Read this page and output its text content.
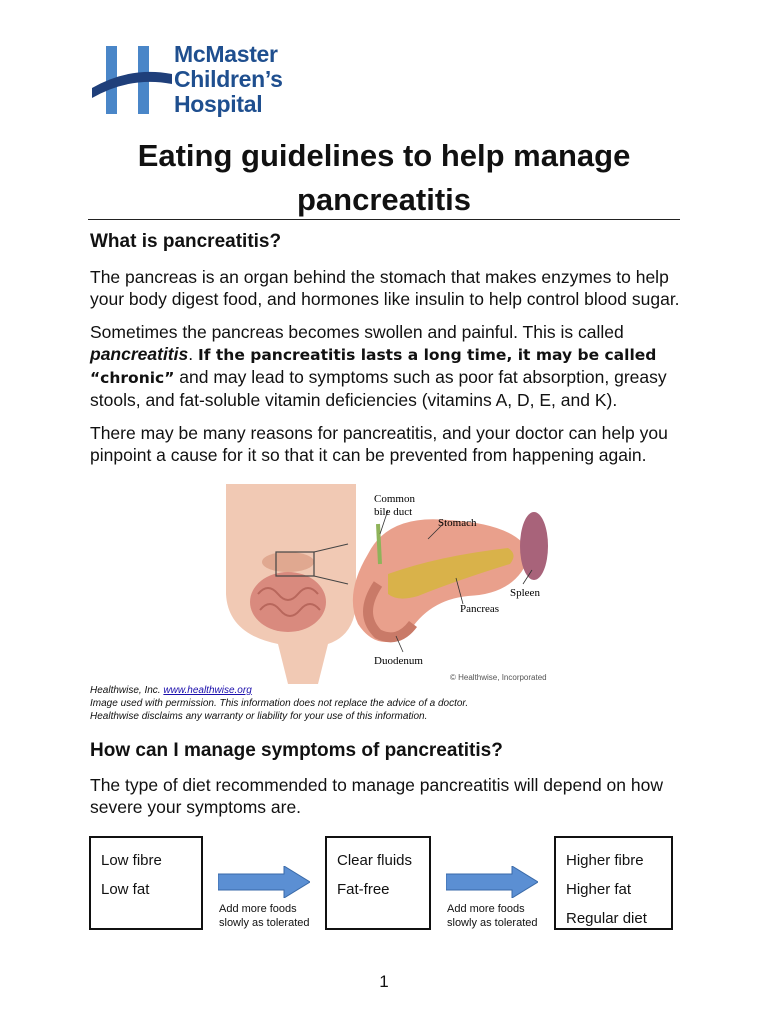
McMaster
Children’s
Hospital
Eating guidelines to help manage
pancreatitis
What is pancreatitis?
The pancreas is an organ behind the stomach that makes enzymes to help your body digest food, and hormones like insulin to help control blood sugar.
Sometimes the pancreas becomes swollen and painful. This is called pancreatitis. If the pancreatitis lasts a long time, it may be called “chronic” and may lead to symptoms such as poor fat absorption, greasy stools, and fat-soluble vitamin deficiencies (vitamins A, D, E, and K).
There may be many reasons for pancreatitis, and your doctor can help you pinpoint a cause for it so that it can be prevented from happening again.
Common
bile duct
Stomach
Spleen
Pancreas
Duodenum
© Healthwise, Incorporated
Healthwise, Inc. www.healthwise.org
Image used with permission. This information does not replace the advice of a doctor.
Healthwise disclaims any warranty or liability for your use of this information.
How can I manage symptoms of pancreatitis?
The type of diet recommended to manage pancreatitis will depend on how severe your symptoms are.
Low fibre
Low fat
Add more foods
slowly as tolerated
Clear fluids
Fat-free
Add more foods
slowly as tolerated
Higher fibre
Higher fat
Regular diet
1
